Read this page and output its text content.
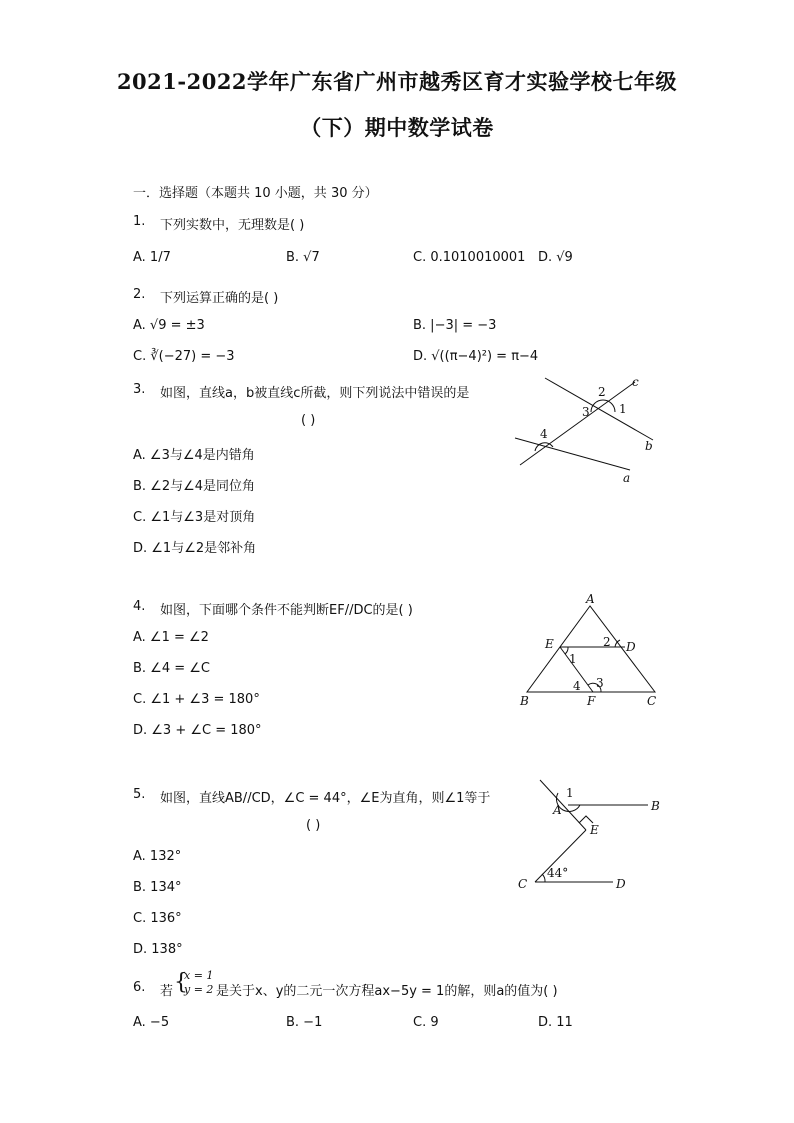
2021-2022学年广东省广州市越秀区育才实验学校七年级
（下）期中数学试卷
一．选择题（本题共 10 小题，共 30 分）
1. 下列实数中，无理数是( )
A. 1/7	B. √7	C. 0.1010010001 D. √9
2. 下列运算正确的是( )
A. √9 = ±3	B. |−3| = −3
C. ∛(−27) = −3	D. √((π−4)²) = π−4
3. 如图，直线a，b被直线c所截，则下列说法中错误的是
( )
A. ∠3与∠4是内错角
B. ∠2与∠4是同位角
C. ∠1与∠3是对顶角
D. ∠1与∠2是邻补角
1
2
3
4
a
b
c
4. 如图，下面哪个条件不能判断EF//DC的是( )
A. ∠1 = ∠2
B. ∠4 = ∠C
C. ∠1 + ∠3 = 180°
D. ∠3 + ∠C = 180°
A
B	C
D
E
F
1
2
3
4
5. 如图，直线AB//CD，∠C = 44°，∠E为直角，则∠1等于
( )
A. 132°
B. 134°
C. 136°
D. 138°
A	B
C	D
E
1
44°
6. 若 {
x = 1
y = 2 是关于x、y的二元一次方程ax−5y = 1的解，则a的值为( )
A. −5	B. −1	C. 9	D. 11
